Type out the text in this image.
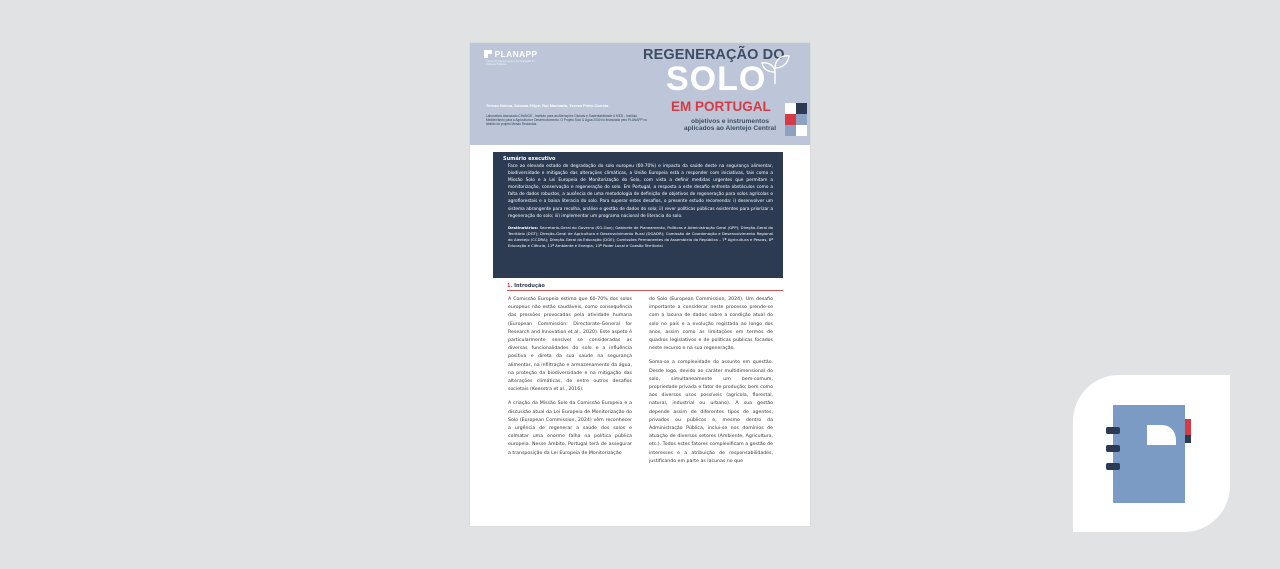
PLANAPP
Centro de Planeamento e de Avaliação de Políticas Públicas
REGENERAÇÃO DO
SOLO
EM PORTUGAL
objetivos e instrumentos aplicados ao Alentejo Central
Teresa Nóvoa, Susana Filipe, Rui Machado, Teresa Pinto-Correia
Laboratório Associado CHANGE - Instituto para as Alterações Globais e Sustentabilidade & MED - Instituto Mediterrâneo para a Agricultura e Desenvolvimento. O Projeto Solo & Água 2030 foi financiado pelo PLANAPP no âmbito do projeto Mesas Redondas
Sumário executivo
Face ao elevado estado de degradação do solo europeu (60-70%) e impacto da saúde deste na segurança alimentar, biodiversidade e mitigação das alterações climáticas, a União Europeia está a responder com iniciativas, tais como a Missão Solo e a Lei Europeia de Monitorização do Solo, com vista a definir medidas urgentes que permitam a monitorização, conservação e regeneração do solo. Em Portugal, a resposta a este desafio enfrenta obstáculos como a falta de dados robustos, a ausência de uma metodologia de definição de objetivos de regeneração para solos agrícolas e agroflorestais e a baixa literacia do solo. Para superar estes desafios, o presente estudo recomenda: i) desenvolver um sistema abrangente para recolha, análise e gestão de dados do solo; ii) rever políticas públicas existentes para priorizar a regeneração do solo; iii) implementar um programa nacional de literacia do solo.
Destinatários: Secretaria-Geral do Governo (SG-Gov); Gabinete de Planeamento, Políticas e Administração Geral (GPP); Direção-Geral do Território (DGT); Direção-Geral de Agricultura e Desenvolvimento Rural (DGADR); Comissão de Coordenação e Desenvolvimento Regional do Alentejo (CCDRA); Direção-Geral da Educação (DGE); Comissões Permanentes da Assembleia da República – 7ª Agricultura e Pescas, 8ª Educação e Ciência, 11ª Ambiente e Energia, 13ª Poder Local e Coesão Territorial
1. Introdução

A Comissão Europeia estima que 60-70% dos solos europeus não estão saudáveis, como consequência das pressões provocadas pela atividade humana (European Commission: Directorate-General for Research and Innovation et al., 2020). Este aspeto é particularmente sensível se consideradas as diversas funcionalidades do solo e a influência positiva e direta da sua saúde na segurança alimentar, na infiltração e armazenamento da água, na proteção da biodiversidade e na mitigação das alterações climáticas, de entre outros desafios societais (Keesstra et al., 2016).

A criação da Missão Solo da Comissão Europeia e a discussão atual da Lei Europeia de Monitorização do Solo (European Commission, 2024) vêm reconhecer a urgência de regenerar a saúde dos solos e colmatar uma enorme falha na política pública europeia. Nesse âmbito, Portugal terá de assegurar a transposição da Lei Europeia de Monitorização

do Solo (European Commission, 2024). Um desafio importante a considerar neste processo prende-se com a lacuna de dados sobre a condição atual do solo no país e a evolução registada ao longo dos anos, assim como as limitações em termos de quadros legislativos e de políticas públicas focados neste recurso e na sua regeneração.

Soma-se a complexidade do assunto em questão. Desde logo, devido ao caráter multidimensional do solo, simultaneamente um bem-comum, propriedade privada e fator de produção; bem como aos diversos usos possíveis (agrícola, florestal, natural, industrial ou urbano). A sua gestão depende assim de diferentes tipos de agentes, privados ou públicos e, mesmo dentro da Administração Pública, inclui-se nos domínios de atuação de diversos setores (Ambiente, Agricultura, etc.). Todos estes fatores complexificam a gestão de interesses e a atribuição de responsabilidades, justificando em parte as lacunas no que
